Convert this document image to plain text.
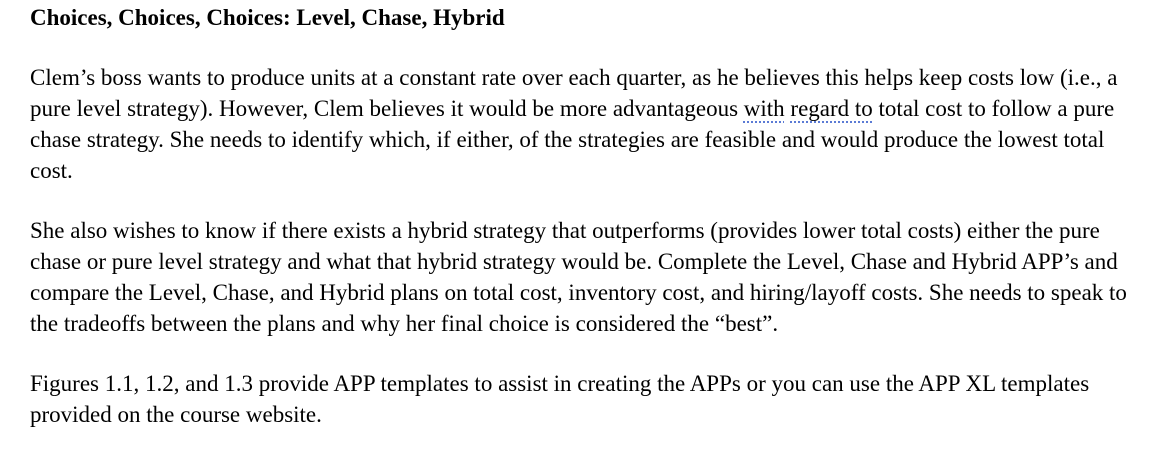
Choices, Choices, Choices: Level, Chase, Hybrid

Clem’s boss wants to produce units at a constant rate over each quarter, as he believes this helps keep costs low (i.e., a pure level strategy). However, Clem believes it would be more advantageous with regard to total cost to follow a pure chase strategy. She needs to identify which, if either, of the strategies are feasible and would produce the lowest total cost.

She also wishes to know if there exists a hybrid strategy that outperforms (provides lower total costs) either the pure chase or pure level strategy and what that hybrid strategy would be. Complete the Level, Chase and Hybrid APP’s and compare the Level, Chase, and Hybrid plans on total cost, inventory cost, and hiring/layoff costs. She needs to speak to the tradeoffs between the plans and why her final choice is considered the “best”.

Figures 1.1, 1.2, and 1.3 provide APP templates to assist in creating the APPs or you can use the APP XL templates provided on the course website.
